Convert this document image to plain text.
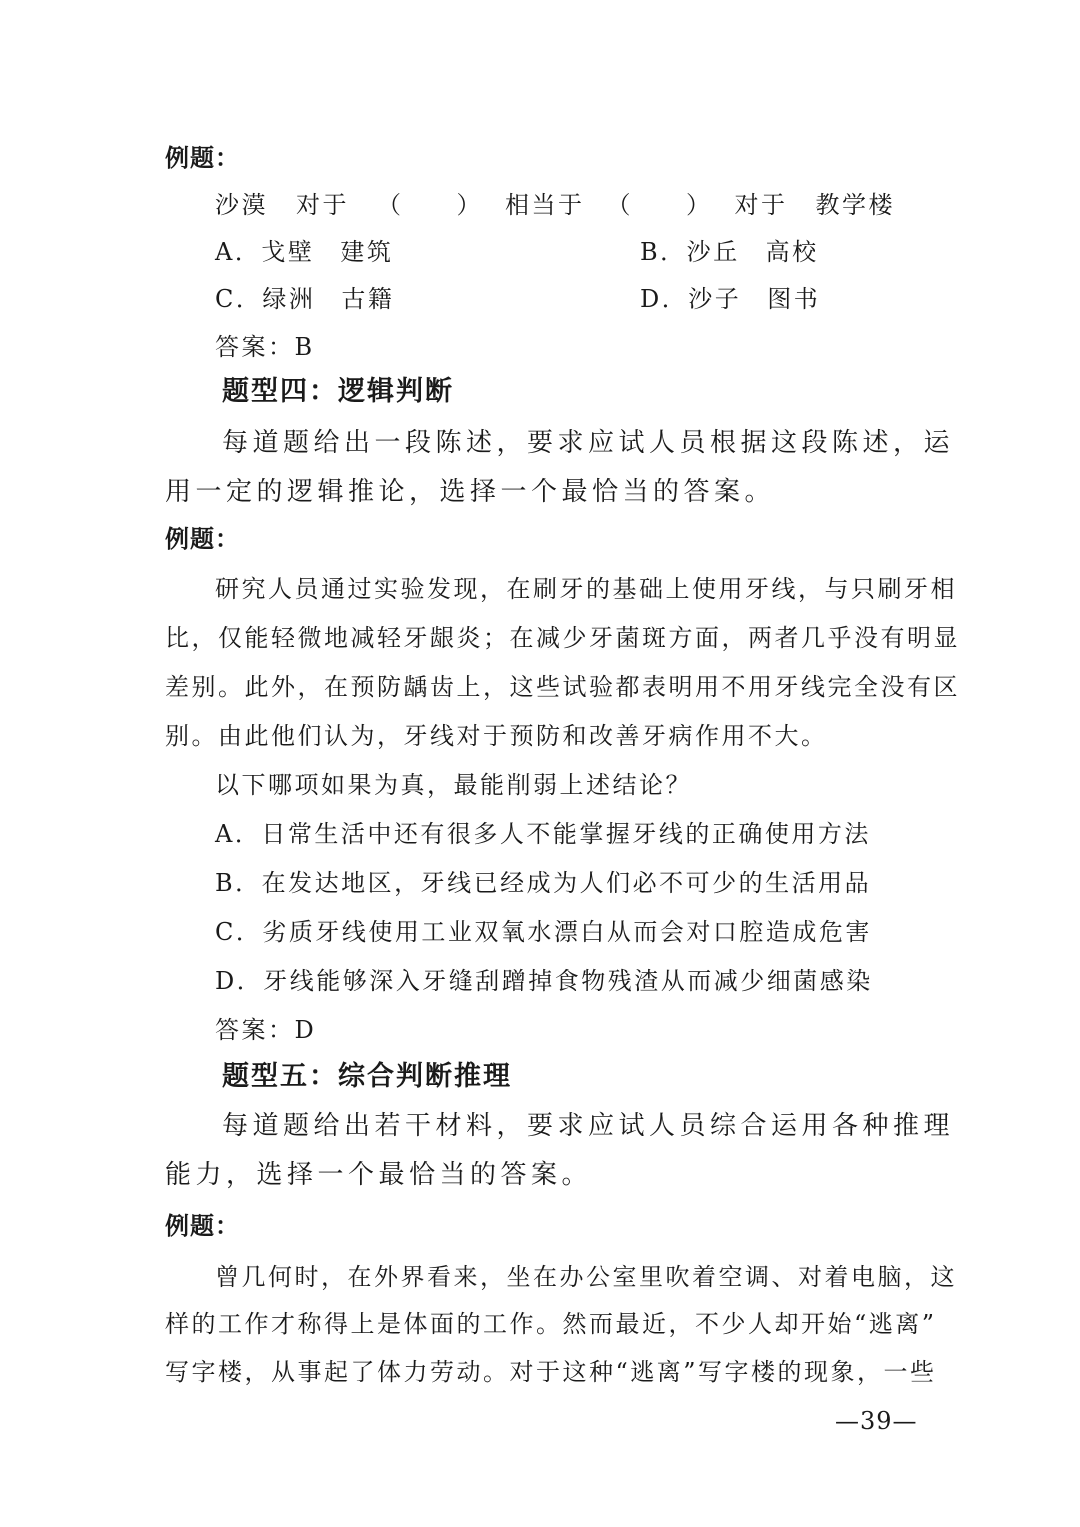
例题：
沙漠 对于 （　　） 相当于 （　　） 对于 教学楼
A．戈壁 建筑	B．沙丘 高校
C．绿洲 古籍	D．沙子 图书
答案：B
题型四：逻辑判断
每道题给出一段陈述，要求应试人员根据这段陈述，运
用一定的逻辑推论，选择一个最恰当的答案。
例题：
研究人员通过实验发现，在刷牙的基础上使用牙线，与只刷牙相
比，仅能轻微地减轻牙龈炎；在减少牙菌斑方面，两者几乎没有明显
差别。此外，在预防龋齿上，这些试验都表明用不用牙线完全没有区
别。由此他们认为，牙线对于预防和改善牙病作用不大。
以下哪项如果为真，最能削弱上述结论？
A．日常生活中还有很多人不能掌握牙线的正确使用方法
B．在发达地区，牙线已经成为人们必不可少的生活用品
C．劣质牙线使用工业双氧水漂白从而会对口腔造成危害
D．牙线能够深入牙缝刮蹭掉食物残渣从而减少细菌感染
答案：D
题型五：综合判断推理
每道题给出若干材料，要求应试人员综合运用各种推理
能力，选择一个最恰当的答案。
例题：
曾几何时，在外界看来，坐在办公室里吹着空调、对着电脑，这
样的工作才称得上是体面的工作。然而最近，不少人却开始“逃离”
写字楼，从事起了体力劳动。对于这种“逃离”写字楼的现象，一些
—39—
